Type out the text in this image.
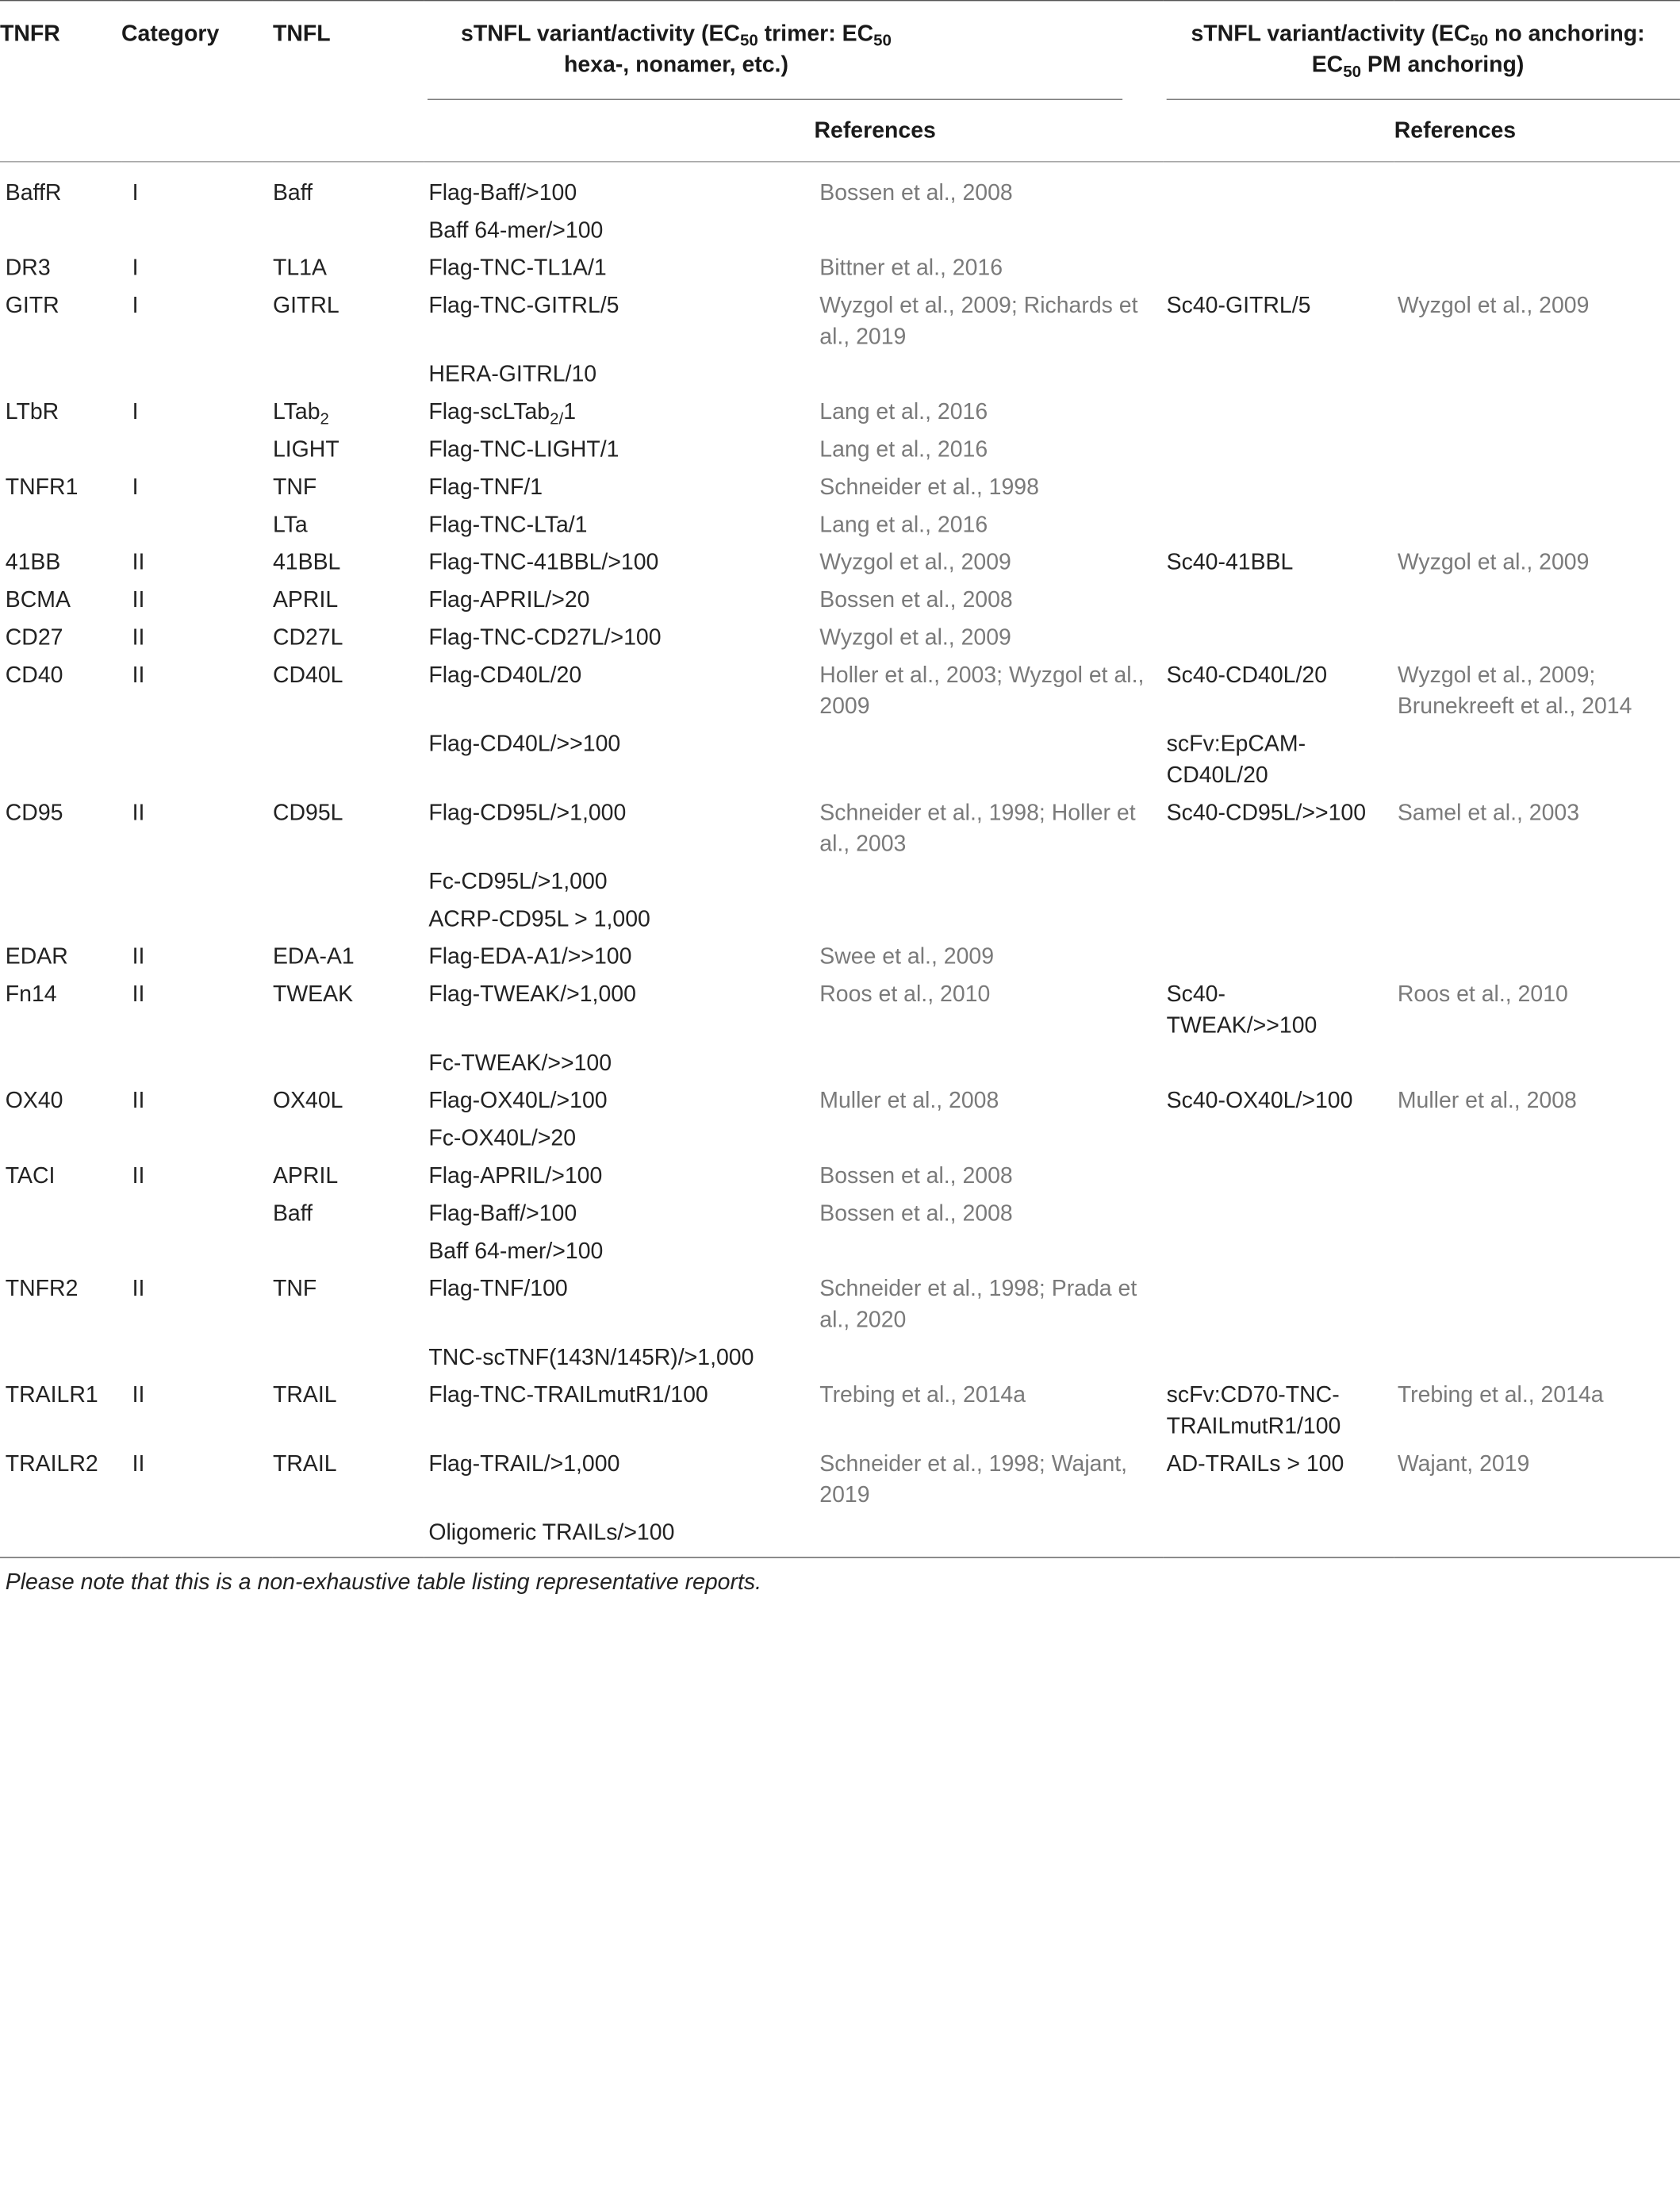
TNFR	Category	TNFL	sTNFL variant/activity ($EC_{50}$ trimer: $EC_{50}$ hexa-, nonamer, etc.)		sTNFL variant/activity ($EC_{50}$ no anchoring: $EC_{50}$ PM anchoring)	

				References		References
BaffR	I	Baff	Flag-Baff/>100	Bossen et al., 2008		
			Baff 64-mer/>100			
DR3	I	TL1A	Flag-TNC-TL1A/1	Bittner et al., 2016		
GITR	I	GITRL	Flag-TNC-GITRL/5	Wyzgol et al., 2009; Richards et al., 2019	Sc40-GITRL/5	Wyzgol et al., 2009
			HERA-GITRL/10			
LTbR	I	LTab$_2$	Flag-scLTab$_{2/}$1	Lang et al., 2016		
		LIGHT	Flag-TNC-LIGHT/1	Lang et al., 2016		
TNFR1	I	TNF	Flag-TNF/1	Schneider et al., 1998		
		LTa	Flag-TNC-LTa/1	Lang et al., 2016		
41BB	II	41BBL	Flag-TNC-41BBL/>100	Wyzgol et al., 2009	Sc40-41BBL	Wyzgol et al., 2009
BCMA	II	APRIL	Flag-APRIL/>20	Bossen et al., 2008		
CD27	II	CD27L	Flag-TNC-CD27L/>100	Wyzgol et al., 2009		
CD40	II	CD40L	Flag-CD40L/20	Holler et al., 2003; Wyzgol et al., 2009	Sc40-CD40L/20	Wyzgol et al., 2009; Brunekreeft et al., 2014
			Flag-CD40L/>>100		scFv:EpCAM-CD40L/20	
CD95	II	CD95L	Flag-CD95L/>1,000	Schneider et al., 1998; Holler et al., 2003	Sc40-CD95L/>>100	Samel et al., 2003
			Fc-CD95L/>1,000			
			ACRP-CD95L > 1,000			
EDAR	II	EDA-A1	Flag-EDA-A1/>>100	Swee et al., 2009		
Fn14	II	TWEAK	Flag-TWEAK/>1,000	Roos et al., 2010	Sc40-TWEAK/>>100	Roos et al., 2010
			Fc-TWEAK/>>100			
OX40	II	OX40L	Flag-OX40L/>100	Muller et al., 2008	Sc40-OX40L/>100	Muller et al., 2008
			Fc-OX40L/>20			
TACI	II	APRIL	Flag-APRIL/>100	Bossen et al., 2008		
		Baff	Flag-Baff/>100	Bossen et al., 2008		
			Baff 64-mer/>100			
TNFR2	II	TNF	Flag-TNF/100	Schneider et al., 1998; Prada et al., 2020		
			TNC-scTNF(143N/145R)/>1,000			
TRAILR1	II	TRAIL	Flag-TNC-TRAILmutR1/100	Trebing et al., 2014a	scFv:CD70-TNC-TRAILmutR1/100	Trebing et al., 2014a
TRAILR2	II	TRAIL	Flag-TRAIL/>1,000	Schneider et al., 1998; Wajant, 2019	AD-TRAILs > 100	Wajant, 2019
			Oligomeric TRAILs/>100			
Please note that this is a non-exhaustive table listing representative reports.
